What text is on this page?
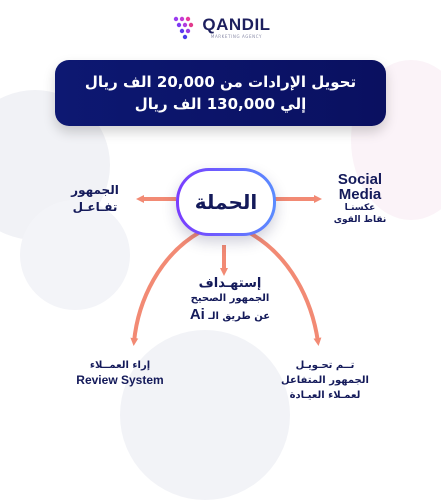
QANDIL
MARKETING AGENCY
تحويل الإرادات من 20,000 الف ريال
إلي 130,000 الف ريال
الحملة
الجمهور
تفـاعـل
Social
Media
عكسنـا
نقاط القوى
إستهـداف
الجمهور الصحيح
عن طريق الـ Ai
إراء العمــلاء
Review System
تــم تحـويـل
الجمهور المتفاعل
لعمـلاء العيـادة
